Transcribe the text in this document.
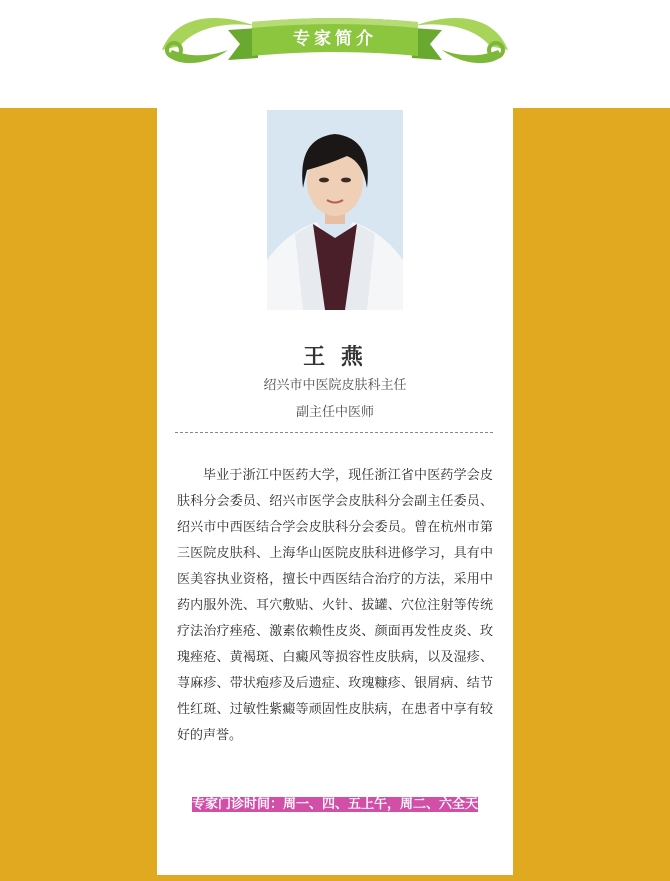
专家简介
王 燕
绍兴市中医院皮肤科主任
副主任中医师

毕业于浙江中医药大学，现任浙江省中医药学会皮肤科分会委员、绍兴市医学会皮肤科分会副主任委员、绍兴市中西医结合学会皮肤科分会委员。曾在杭州市第三医院皮肤科、上海华山医院皮肤科进修学习，具有中医美容执业资格，擅长中西医结合治疗的方法，采用中药内服外洗、耳穴敷贴、火针、拔罐、穴位注射等传统疗法治疗痤疮、激素依赖性皮炎、颜面再发性皮炎、玫瑰痤疮、黄褐斑、白癜风等损容性皮肤病，以及湿疹、荨麻疹、带状疱疹及后遗症、玫瑰糠疹、银屑病、结节性红斑、过敏性紫癜等顽固性皮肤病，在患者中享有较好的声誉。

专家门诊时间：周一、四、五上午，周二、六全天
